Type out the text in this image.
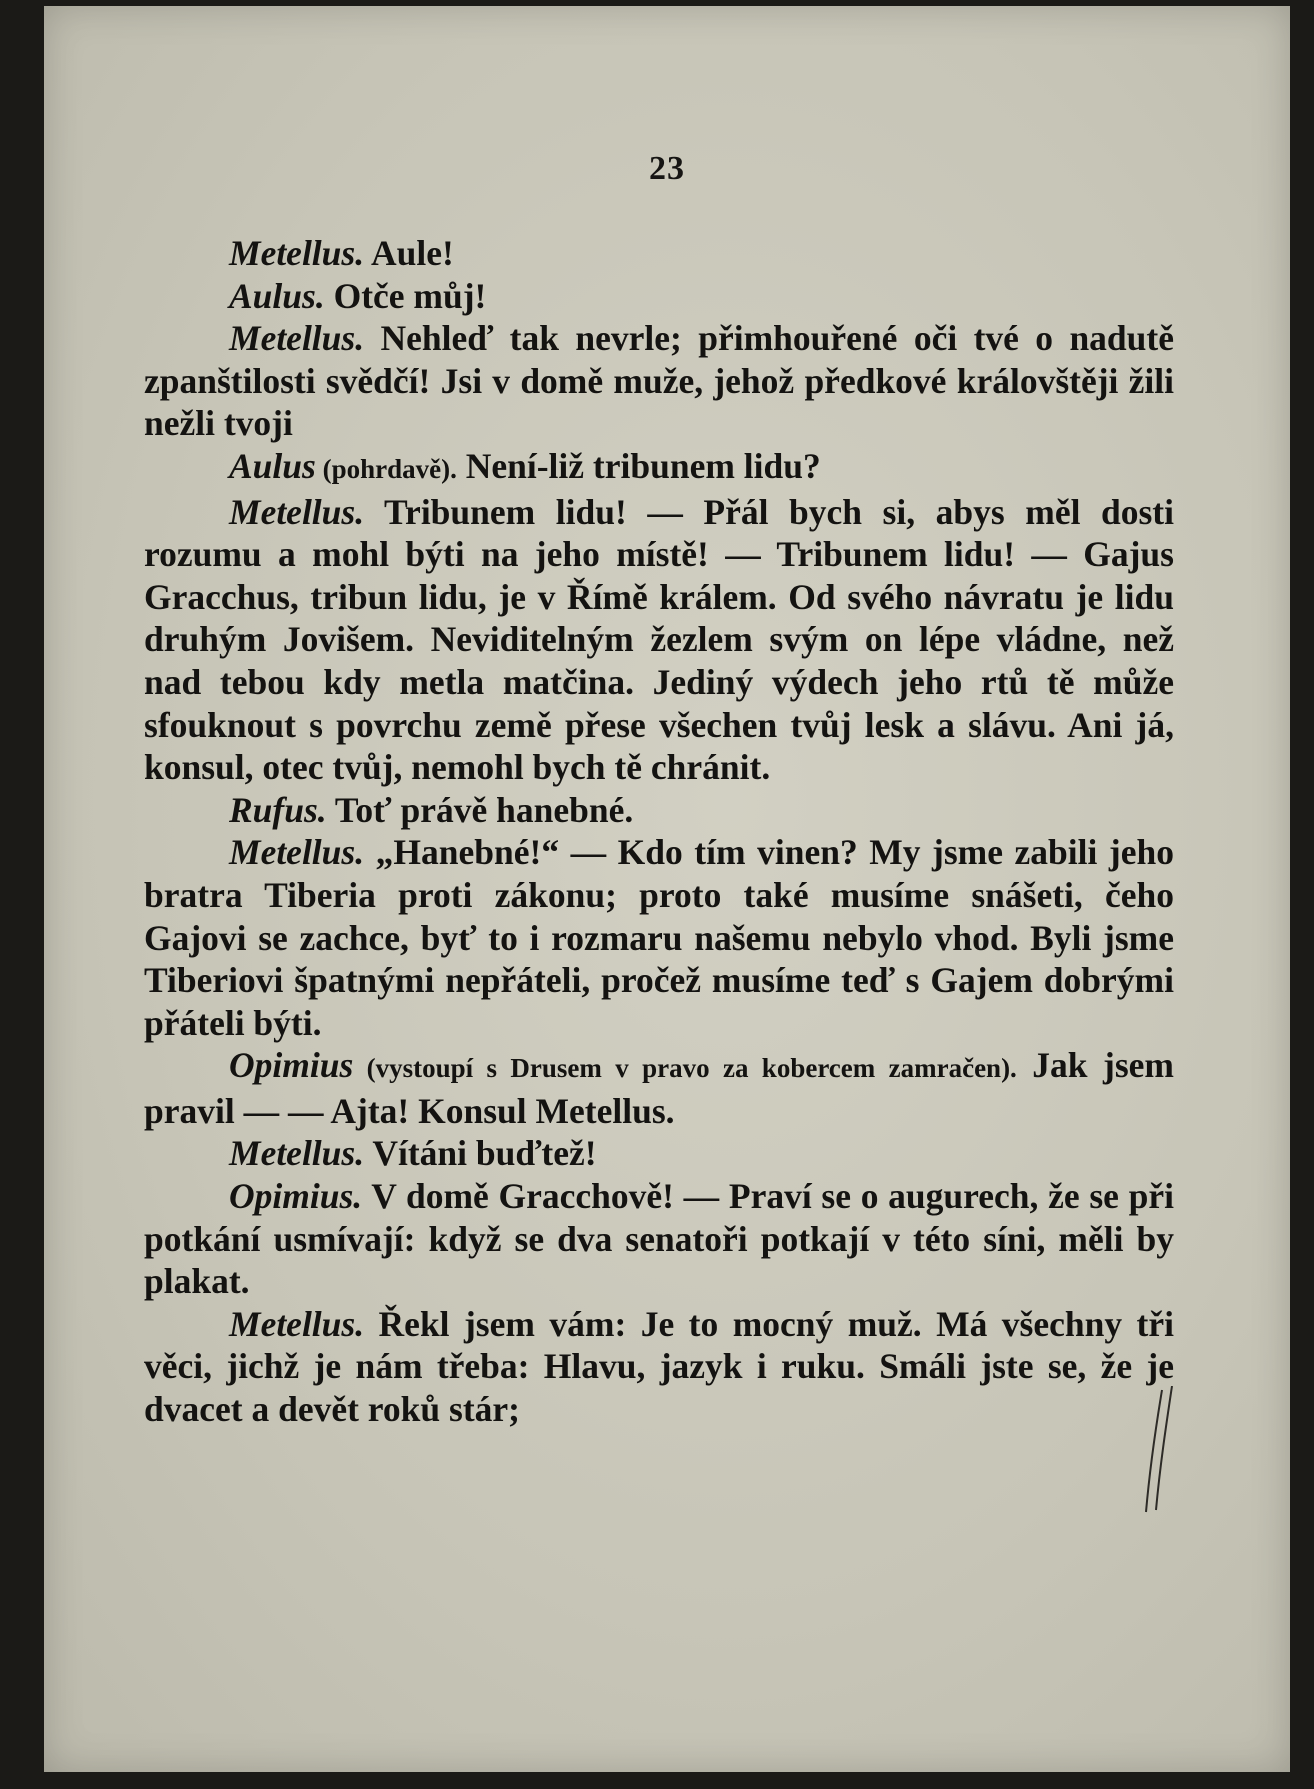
23

Metellus. Aule!

Aulus. Otče můj!

Metellus. Nehleď tak nevrle; přimhouřené oči tvé o nadutě zpanštilosti svědčí! Jsi v domě muže, jehož předkové královštěji žili nežli tvoji

Aulus (pohrdavě). Není-liž tribunem lidu?

Metellus. Tribunem lidu! — Přál bych si, abys měl dosti rozumu a mohl býti na jeho místě! — Tribunem lidu! — Gajus Gracchus, tribun lidu, je v Římě králem. Od svého návratu je lidu druhým Jovišem. Neviditelným žezlem svým on lépe vládne, než nad tebou kdy metla matčina. Jediný výdech jeho rtů tě může sfouknout s povrchu země přese všechen tvůj lesk a slávu. Ani já, konsul, otec tvůj, nemohl bych tě chránit.

Rufus. Toť právě hanebné.

Metellus. „Hanebné!“ — Kdo tím vinen? My jsme zabili jeho bratra Tiberia proti zákonu; proto také musíme snášeti, čeho Gajovi se zachce, byť to i rozmaru našemu nebylo vhod. Byli jsme Tiberiovi špatnými nepřáteli, pročež musíme teď s Gajem dobrými přáteli býti.

Opimius (vystoupí s Drusem v pravo za kobercem zamračen). Jak jsem pravil — — Ajta! Konsul Metellus.

Metellus. Vítáni buďtež!

Opimius. V domě Gracchově! — Praví se o augurech, že se při potkání usmívají: když se dva senatoři potkají v této síni, měli by plakat.

Metellus. Řekl jsem vám: Je to mocný muž. Má všechny tři věci, jichž je nám třeba: Hlavu, jazyk i ruku. Smáli jste se, že je dvacet a devět roků stár;
